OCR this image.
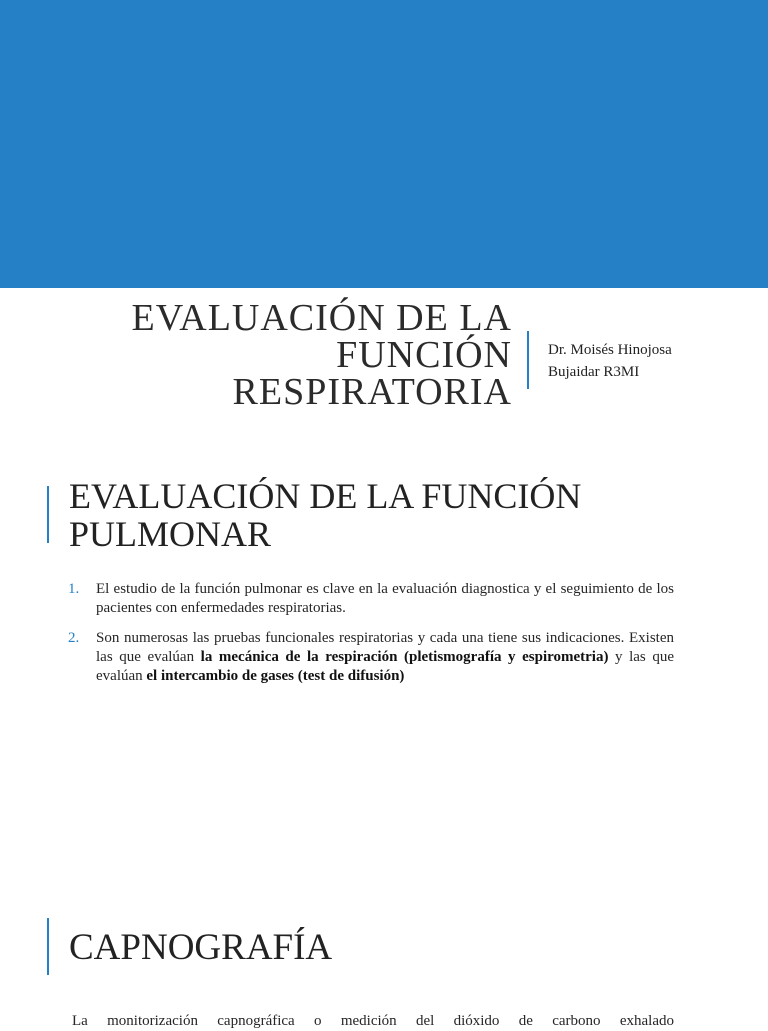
EVALUACIÓN DE LA
FUNCIÓN
RESPIRATORIA
Dr. Moisés Hinojosa
Bujaidar R3MI
EVALUACIÓN DE LA FUNCIÓN
PULMONAR
1.	El estudio de la función pulmonar es clave en la evaluación diagnostica y el seguimiento de los pacientes con enfermedades respiratorias.
2.	Son numerosas las pruebas funcionales respiratorias y cada una tiene sus indicaciones. Existen las que evalúan la mecánica de la respiración (pletismografía y espirometria) y las que evalúan el intercambio de gases (test de difusión)
CAPNOGRAFÍA
La monitorización capnográfica o medición del dióxido de carbono exhalado
